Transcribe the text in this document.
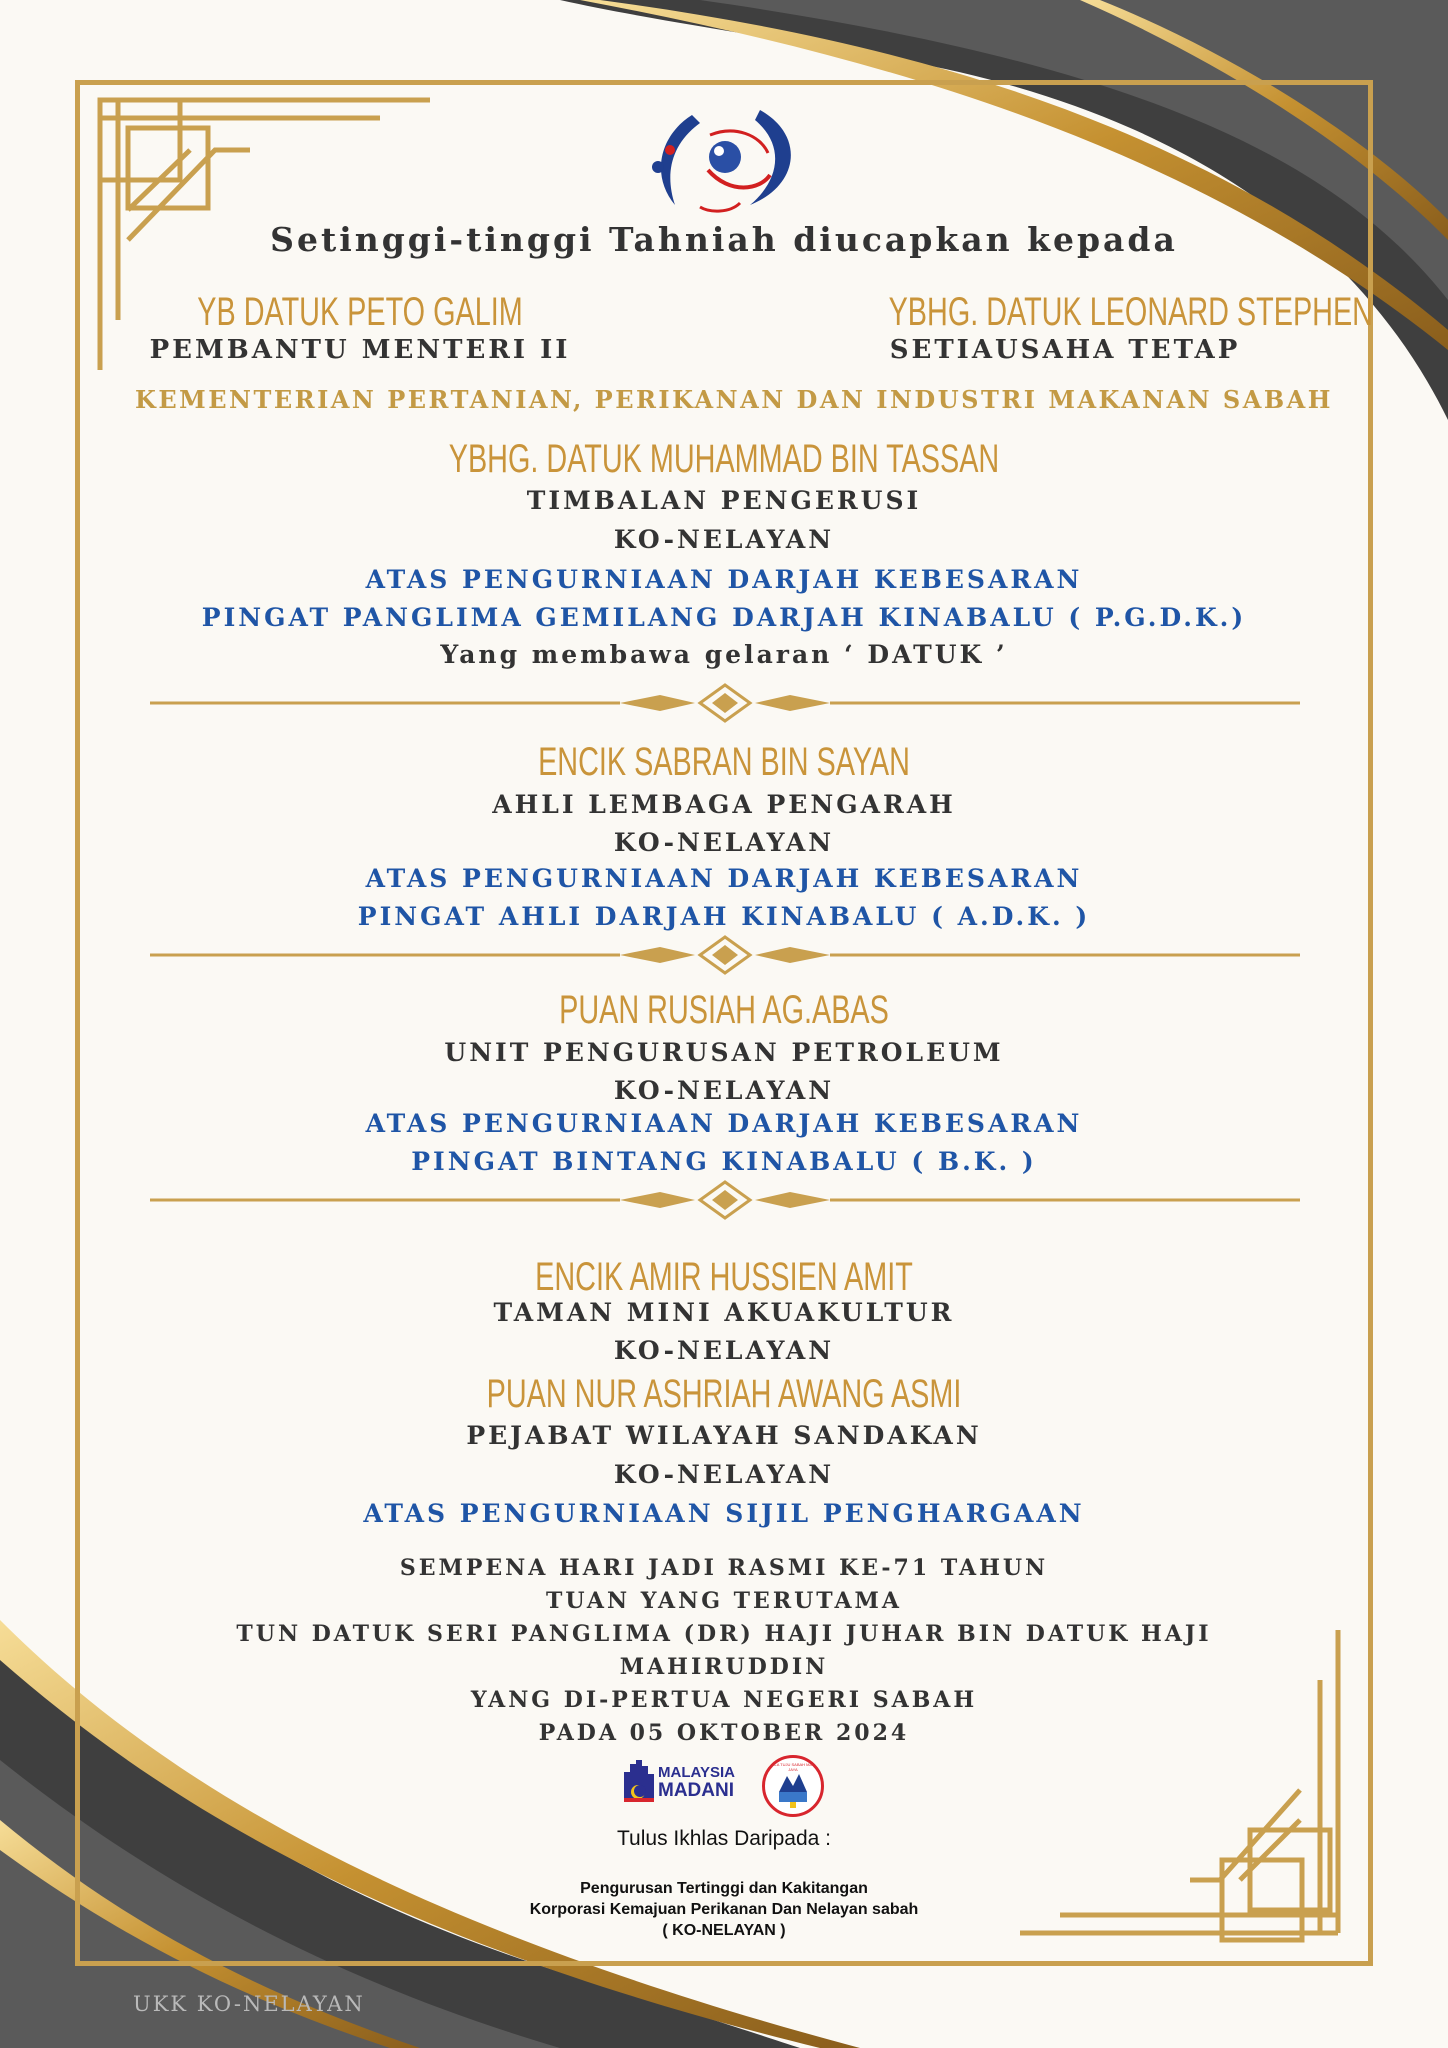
Setinggi-tinggi Tahniah diucapkan kepada
YB DATUK PETO GALIM
PEMBANTU MENTERI II
YBHG. DATUK LEONARD STEPHEN
SETIAUSAHA TETAP
KEMENTERIAN PERTANIAN, PERIKANAN DAN INDUSTRI MAKANAN SABAH
YBHG. DATUK MUHAMMAD BIN TASSAN
TIMBALAN PENGERUSI
KO-NELAYAN
ATAS PENGURNIAAN DARJAH KEBESARAN
PINGAT PANGLIMA GEMILANG DARJAH KINABALU ( P.G.D.K.)
Yang membawa gelaran ‘ DATUK ’
ENCIK SABRAN BIN SAYAN
AHLI LEMBAGA PENGARAH
KO-NELAYAN
ATAS PENGURNIAAN DARJAH KEBESARAN
PINGAT AHLI DARJAH KINABALU ( A.D.K. )
PUAN RUSIAH AG.ABAS
UNIT PENGURUSAN PETROLEUM
KO-NELAYAN
ATAS PENGURNIAAN DARJAH KEBESARAN
PINGAT BINTANG KINABALU ( B.K. )
ENCIK AMIR HUSSIEN AMIT
TAMAN MINI AKUAKULTUR
KO-NELAYAN
PUAN NUR ASHRIAH AWANG ASMI
PEJABAT WILAYAH SANDAKAN
KO-NELAYAN
ATAS PENGURNIAAN SIJIL PENGHARGAAN
SEMPENA HARI JADI RASMI KE-71 TAHUN
TUAN YANG TERUTAMA
TUN DATUK SERI PANGLIMA (DR) HAJI JUHAR BIN DATUK HAJI
MAHIRUDDIN
YANG DI-PERTUA NEGERI SABAH
PADA 05 OKTOBER 2024
MALAYSIA
MADANI
HALA TUJU SABAH MAJU JAYA
Tulus Ikhlas Daripada :
Pengurusan Tertinggi dan Kakitangan
Korporasi Kemajuan Perikanan Dan Nelayan sabah
( KO-NELAYAN )
UKK KO-NELAYAN
